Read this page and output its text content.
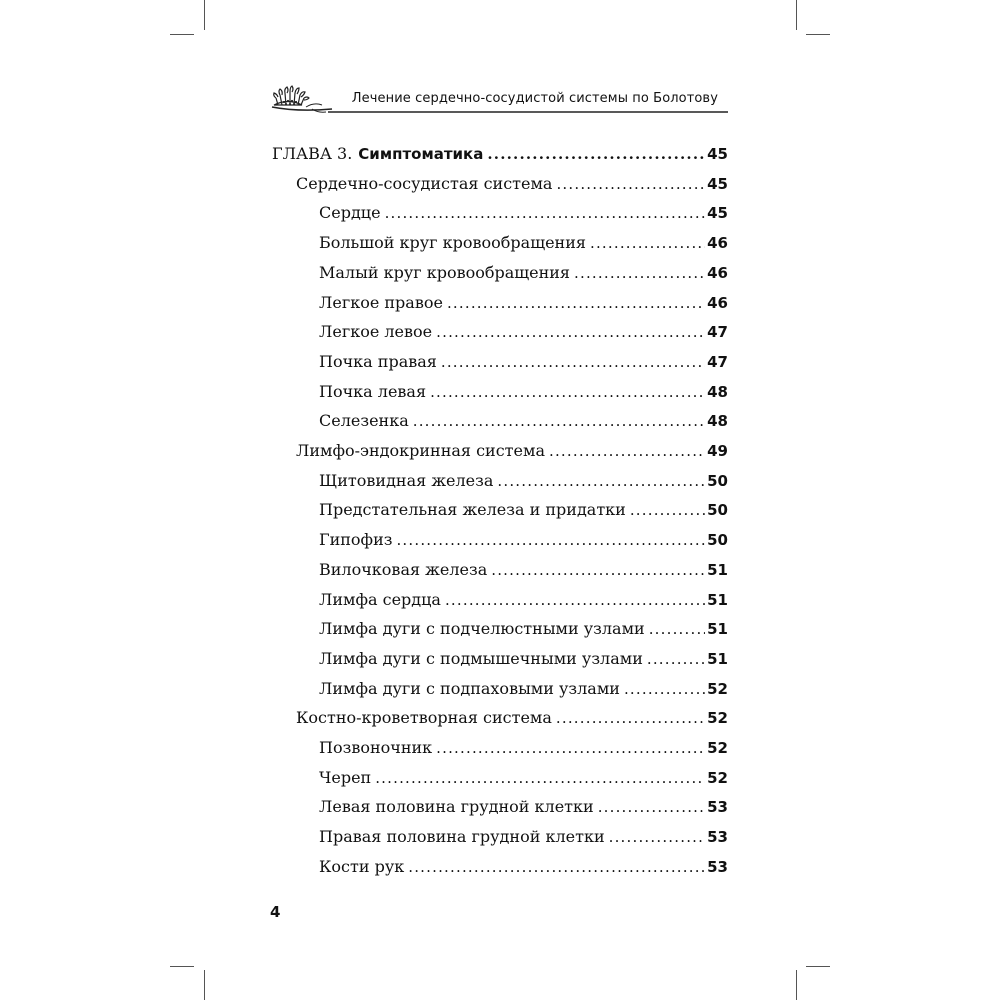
Лечение сердечно-сосудистой системы по Болотову
ГЛАВА 3. Симптоматика .....	45
Сердечно-сосудистая система .....	45
Сердце .....	45
Большой круг кровообращения .....	46
Малый круг кровообращения .....	46
Легкое правое .....	46
Легкое левое .....	47
Почка правая .....	47
Почка левая .....	48
Селезенка .....	48
Лимфо-эндокринная система .....	49
Щитовидная железа .....	50
Предстательная железа и придатки .....	50
Гипофиз .....	50
Вилочковая железа .....	51
Лимфа сердца .....	51
Лимфа дуги с подчелюстными узлами .....	51
Лимфа дуги с подмышечными узлами .....	51
Лимфа дуги с подпаховыми узлами .....	52
Костно-кроветворная система .....	52
Позвоночник .....	52
Череп .....	52
Левая половина грудной клетки .....	53
Правая половина грудной клетки .....	53
Кости рук .....	53
4
